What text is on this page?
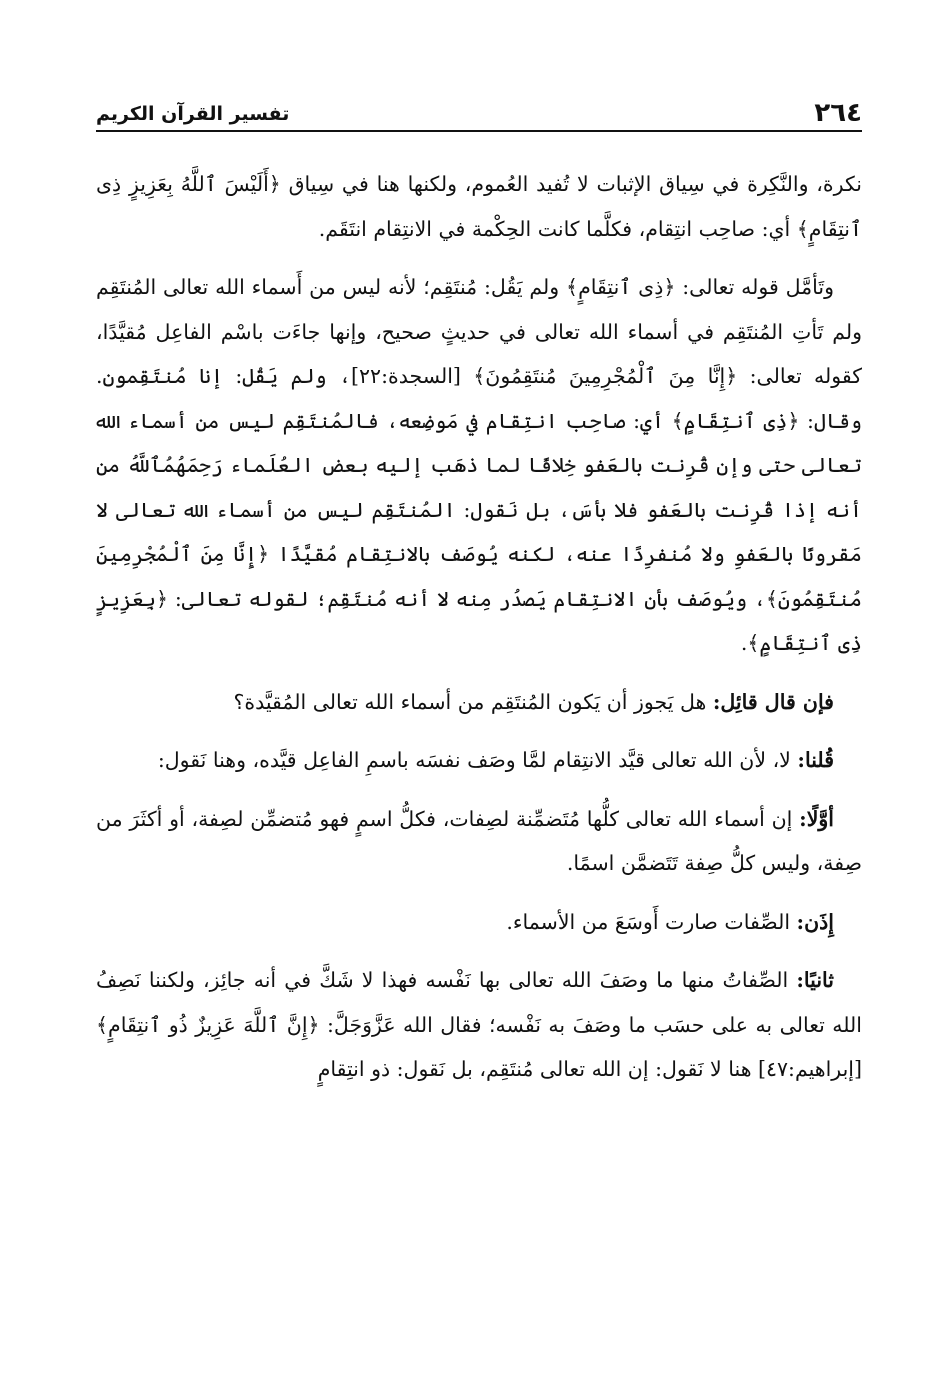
٢٦٤
تفسير القرآن الكريم

نكرة، والنَّكِرة في سِياق الإثبات لا تُفيد العُموم، ولكنها هنا في سِياق ﴿أَلَيْسَ ٱللَّهُ بِعَزِيزٍ ذِى ٱنتِقَامٍ﴾ أي: صاحِب انتِقام، فكلَّما كانت الحِكْمة في الانتِقام انتَقَم.

وتَأمَّل قوله تعالى: ﴿ذِى ٱنتِقَامٍ﴾ ولم يَقُل: مُنتَقِم؛ لأنه ليس من أَسماء الله تعالى المُنتَقِم ولم تَأتِ المُنتَقِم في أسماء الله تعالى في حديثٍ صحيح، وإنها جاءَت باسْم الفاعِل مُقيَّدًا، كقوله تعالى: ﴿إِنَّا مِنَ ٱلْمُجْرِمِينَ مُنتَقِمُونَ﴾ [السجدة:٢٢]، ولم يَقُل: إنا مُنتَقِمون. وقال: ﴿ذِى ٱنتِقَامٍ﴾ أي: صاحِب انتِقام في مَوضِعه، فالمُنتَقِم ليس من أسماء الله تعالى حتى وإن قُرِنت بالعَفو خِلافًا لما ذهَب إليه بعض العُلَماء رَحِمَهُمُٱللَّهُ من أنه إذا قُرِنت بالعَفو فلا بأسَ، بل نَقول: المُنتَقِم ليس من أسماء الله تعالى لا مَقرونًا بالعَفوِ ولا مُنفرِدًا عنه، لكنه يُوصَف بالانتِقام مُقيَّدًا ﴿إِنَّا مِنَ ٱلْمُجْرِمِينَ مُنتَقِمُونَ﴾، ويُوصَف بأن الانتِقام يَصدُر مِنه لا أنه مُنتَقِم؛ لقوله تعالى: ﴿بِعَزِيزٍ ذِى ٱنتِقَامٍ﴾.

فإن قال قائِل: هل يَجوز أن يَكون المُنتَقِم من أسماء الله تعالى المُقيَّدة؟

قُلنا: لا، لأن الله تعالى قيَّد الانتِقام لمَّا وصَف نفسَه باسمِ الفاعِل قيَّده، وهنا نَقول:

أوَّلًا: إن أسماء الله تعالى كلُّها مُتَضمِّنة لصِفات، فكلُّ اسمٍ فهو مُتضمِّن لصِفة، أو أكثَرَ من صِفة، وليس كلُّ صِفة تَتَضمَّن اسمًا.

إِذَن: الصِّفات صارت أَوسَعَ من الأسماء.

ثانيًا: الصِّفاتُ منها ما وصَفَ الله تعالى بها نَفْسه فهذا لا شَكَّ في أنه جائِز، ولكننا نَصِفُ الله تعالى به على حسَب ما وصَفَ به نَفْسه؛ فقال الله عَزَّوَجَلَّ: ﴿إِنَّ ٱللَّهَ عَزِيزٌ ذُو ٱنتِقَامٍ﴾ [إبراهيم:٤٧] هنا لا نَقول: إن الله تعالى مُنتَقِم، بل نَقول: ذو انتِقامٍ
